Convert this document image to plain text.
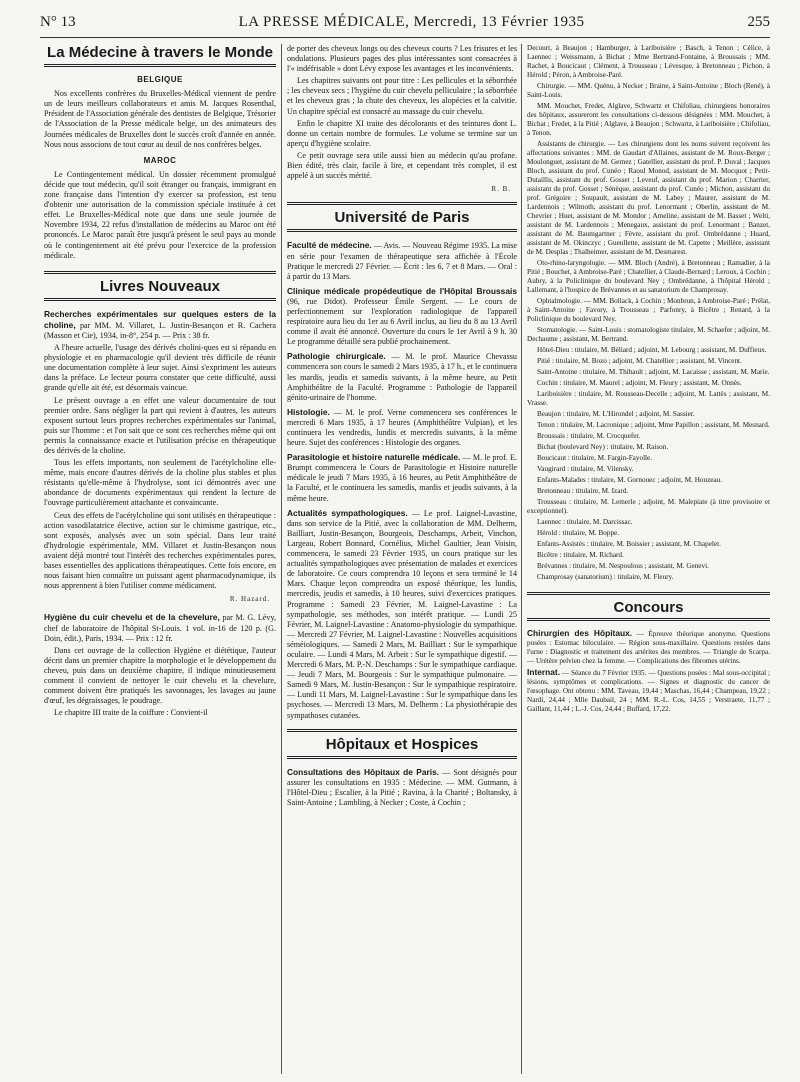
N° 13	LA PRESSE MÉDICALE, Mercredi, 13 Février 1935	255
La Médecine à travers le Monde
BELGIQUE

Nos excellents confrères du Bruxelles-Médical viennent de perdre un de leurs meilleurs collaborateurs et amis M. Jacques Rosenthal, Président de l'Association générale des dentistes de Belgique, Trésorier de l'Association de la Presse médicale belge, un des animateurs des Journées médicales de Bruxelles dont le succès croît d'année en année. Nous nous associons de tout cœur au deuil de nos confrères belges.

MAROC

Le Contingentement médical. Un dossier récemment promulgué décide que tout médecin, qu'il soit étranger ou français, immigrant en zone française dans l'intention d'y exercer sa profession, est tenu d'obtenir une autorisation de la commission spéciale instituée à cet effet. Le Bruxelles-Médical note que dans une seule journée de Novembre 1934, 22 refus d'installation de médecins au Maroc ont été prononcés. Le Maroc paraît être jusqu'à présent le seul pays au monde où le contingentement ait été prévu pour l'exercice de la profession médicale.

Livres Nouveaux

Recherches expérimentales sur quelques esters de la choline, par MM. M. Villaret, L. Justin-Besançon et R. Cachera (Masson et Cie), 1934, in-8°, 254 p. — Prix : 38 fr.

A l'heure actuelle, l'usage des dérivés cholini-ques est si répandu en physiologie et en pharmacologie qu'il devient très difficile de réunir une documentation complète à leur sujet. Ainsi s'expriment les auteurs dans la préface. Le lecteur pourra constater que cette difficulté, aussi grande qu'elle ait été, est désormais vaincue.

Le présent ouvrage a en effet une valeur documentaire de tout premier ordre. Sans négliger la part qui revient à d'autres, les auteurs exposent surtout leurs propres recherches expérimentales sur l'animal, puis sur l'homme : et l'on sait que ce sont ces recherches même qui ont permis la connaissance exacte et l'utilisation précise en thérapeutique des dérivés de la choline.

Tous les effets importants, non seulement de l'acétylcholine elle-même, mais encore d'autres dérivés de la choline plus stables et plus résistants qu'elle-même à l'hydrolyse, sont ici démontrés avec une abondance de documents expérimentaux qui rendent la lecture de l'ouvrage particulièrement attachante et convaincante.

Ceux des effets de l'acétylcholine qui sont utilisés en thérapeutique : action vasodilatatrice élective, action sur le chimisme gastrique, etc., sont exposés, analysés avec un soin spécial. Dans leur traité d'hydrologie expérimentale, MM. Villaret et Justin-Besançon nous avaient déjà montré tout l'intérêt des recherches expérimentales pures, bases essentielles des applications thérapeutiques. Cette fois encore, en nous faisant bien connaître un puissant agent pharmacodynamique, ils nous apprennent à bien l'utiliser comme médicament.

R. Hazard.

Hygiène du cuir chevelu et de la chevelure, par M. G. Lévy, chef de laboratoire de l'hôpital St-Louis. 1 vol. in-16 de 120 p. (G. Doin, édit.), Paris, 1934. — Prix : 12 fr.

Dans cet ouvrage de la collection Hygiène et diététique, l'auteur décrit dans un premier chapitre la morphologie et le développement du cheveu, puis dans un deuxième chapitre, il indique minutieusement comment il convient de nettoyer le cuir chevelu et la chevelure, comment doivent être pratiqués les savonnages, les lavages au jaune d'œuf, les dégraissages, le poudrage.

Le chapitre III traite de la coiffure : Convient-il

de porter des cheveux longs ou des cheveux courts ? Les frisures et les ondulations. Plusieurs pages des plus intéressantes sont consacrées à l'« indéfrisable » dont Lévy expose les avantages et les inconvénients.

Les chapitres suivants ont pour titre : Les pellicules et la séborrhée ; les cheveux secs ; l'hygiène du cuir chevelu pelliculaire ; la séborrhée et les cheveux gras ; la chute des cheveux, les alopécies et la calvitie. Un chapitre spécial est consacré au massage du cuir chevelu.

Enfin le chapitre XI traite des décolorants et des teintures dont L. donne un certain nombre de formules. Le volume se termine sur un aperçu d'hygiène scolaire.

Ce petit ouvrage sera utile aussi bien au médecin qu'au profane. Bien édité, très clair, facile à lire, et cependant très complet, il est appelé à un succès mérité.

R. B.
Université de Paris

Faculté de médecine. — Avis. — Nouveau Régime 1935. La mise en série pour l'examen de thérapeutique sera affichée à l'École Pratique le mercredi 27 Février. — Écrit : les 6, 7 et 8 Mars. — Oral : à partir du 13 Mars.

Clinique médicale propédeutique de l'Hôpital Broussais (96, rue Didot). Professeur Émile Sergent. — Le cours de perfectionnement sur l'exploration radiologique de l'appareil respiratoire aura lieu du 1er au 6 Avril inclus, au lieu du 8 au 13 Avril comme il avait été annoncé. Ouverture du cours le 1er Avril à 9 h. 30 Le programme détaillé sera publié prochainement.

Pathologie chirurgicale. — M. le prof. Maurice Chevassu commencera son cours le samedi 2 Mars 1935, à 17 h., et le continuera les mardis, jeudis et samedis suivants, à la même heure, au Petit Amphithéâtre de la Faculté. Programme : Pathologie de l'appareil génito-urinaire de l'homme.

Histologie. — M. le prof. Verne commencera ses conférences le mercredi 6 Mars 1935, à 17 heures (Amphithéâtre Vulpian), et les continuera les vendredis, lundis et mercredis suivants, à la même heure. Sujet des conférences : Histologie des organes.

Parasitologie et histoire naturelle médicale. — M. le prof. E. Brumpt commencera le Cours de Parasitologie et Histoire naturelle médicale le jeudi 7 Mars 1935, à 16 heures, au Petit Amphithéâtre de la Faculté, et le continuera les samedis, mardis et jeudis suivants, à la même heure.

Actualités sympathologiques. — Le prof. Laignel-Lavastine, dans son service de la Pitié, avec la collaboration de MM. Delherm, Bailliart, Justin-Besançon, Bourgeois, Deschamps, Arbeit, Vinchon, Largeau, Robert Bonnard, Cornélius, Michel Gaultier, Jean Voisin, commencera, le samedi 23 Février 1935, un cours pratique sur les actualités sympathologiques avec présentation de malades et exercices de laboratoire. Ce cours comprendra 10 leçons et sera terminé le 14 Mars. Chaque leçon comprendra un exposé théorique, les lundis, mercredis, jeudis et samedis, à 10 heures, suivi d'exercices pratiques. Programme : Samedi 23 Février, M. Laignel-Lavastine : La sympathologie, ses méthodes, son intérêt pratique. — Lundi 25 Février, M. Laignel-Lavastine : Anatomo-physiologie du sympathique. — Mercredi 27 Février, M. Laignel-Lavastine : Nouvelles acquisitions séméiologiques. — Samedi 2 Mars, M. Bailliart : Sur le sympathique oculaire. — Lundi 4 Mars, M. Arbeit : Sur le sympathique digestif. — Mercredi 6 Mars, M. P.-N. Deschamps : Sur le sympathique cardiaque. — Jeudi 7 Mars, M. Bourgeois : Sur le sympathique pulmonaire. — Samedi 9 Mars, M. Justin-Besançon : Sur le sympathique respiratoire. — Lundi 11 Mars, M. Laignel-Lavastine : Sur le sympathique dans les psychoses. — Mercredi 13 Mars, M. Delherm : La physiothérapie des sympathoses cutanées.

Hôpitaux et Hospices

Consultations des Hôpitaux de Paris. — Sont désignés pour assurer les consultations en 1935 : Médecine. — MM. Gutmann, à l'Hôtel-Dieu ; Escalier, à la Pitié ; Ravina, à la Charité ; Boltansky, à Saint-Antoine ; Lambling, à Necker ; Coste, à Cochin ;

Decourt, à Beaujon ; Hamburger, à Lariboisière ; Basch, à Tenon ; Célice, à Laennec ; Weissmann, à Bichat ; Mme Bertrand-Fontaine, à Broussais ; MM. Rachet, à Boucicaut ; Clément, à Trousseau ; Lévesque, à Bretonneau ; Pichon, à Hérold ; Péron, à Ambroise-Paré.

Chirurgie. — MM. Quénu, à Necker ; Braine, à Saint-Antoine ; Bloch (René), à Saint-Louis.

MM. Mouchet, Fredet, Alglave, Schwartz et Chifoliau, chirurgiens honoraires des hôpitaux, assureront les consultations ci-dessous désignées : MM. Mouchet, à Bichat ; Fredet, à la Pitié ; Alglave, à Beaujon ; Schwartz, à Lariboisière ; Chifoliau, à Tenon.

Assistants de chirurgie. — Les chirurgiens dont les noms suivent reçoivent les affectations suivantes : MM. de Gaudart d'Allaines, assistant de M. Roux-Berger ; Moulonguet, assistant de M. Gernez ; Gatellier, assistant du prof. P. Duval ; Jacques Bloch, assistant du prof. Cunéo ; Raoul Monod, assistant de M. Mocquot ; Petit-Dutaillis, assistant du prof. Gosset ; Leveuf, assistant du prof. Marion ; Charrier, assistant du prof. Gosset ; Sénèque, assistant du prof. Cunéo ; Michon, assistant du prof. Grégoire ; Soupault, assistant de M. Labey ; Maurer, assistant de M. Lardennois ; Wilmoth, assistant du prof. Lenormant ; Oberlin, assistant de M. Chevrier ; Huet, assistant de M. Mondor ; Ameline, assistant de M. Basset ; Welti, assistant de M. Lardennois ; Menegaux, assistant du prof. Lenormant ; Banzet, assistant de M. Baumgartner ; Fèvre, assistant du prof. Ombrédanne ; Huard, assistant de M. Okinczyc ; Gueullette, assistant de M. Capette ; Meillère, assistant de M. Desplas ; Thalheimer, assistant de M. Desmarest.

Oto-rhino-laryngologie. — MM. Bloch (André), à Bretonneau ; Ramadier, à la Pitié ; Bouchet, à Ambroise-Paré ; Chatellier, à Claude-Bernard ; Leroux, à Cochin ; Aubry, à la Policlinique du boulevard Ney ; Ombrédanne, à l'hôpital Hérold ; Lallemant, à l'hospice de Brévannes et au sanatorium de Champrosay.

Ophtalmologie. — MM. Bollack, à Cochin ; Monbrun, à Ambroise-Paré ; Prélat, à Saint-Antoine ; Favory, à Trousseau ; Parfonry, à Bicêtre ; Renard, à la Policlinique du boulevard Ney.

Stomatologie. — Saint-Louis : stomatologiste titulaire, M. Schaefer ; adjoint, M. Dechaume ; assistant, M. Bertrand.

Hôtel-Dieu : titulaire, M. Béliard ; adjoint, M. Lebourg ; assistant, M. Duffieux.

Pitié : titulaire, M. Bozo ; adjoint, M. Chatellier ; assistant, M. Vincent.

Saint-Antoine : titulaire, M. Thibault ; adjoint, M. Lacaisse ; assistant, M. Marie.

Cochin : titulaire, M. Maurel ; adjoint, M. Fleury ; assistant, M. Onnès.

Lariboisière : titulaire, M. Rousseau-Decelle ; adjoint, M. Lattès ; assistant, M. Vrasse.

Beaujon : titulaire, M. L'Hirondel ; adjoint, M. Sassier.

Tenon : titulaire, M. Lacronique ; adjoint, Mme Papillon ; assistant, M. Mesnard.

Broussais : titulaire, M. Crocquefer.

Bichat (boulevard Ney) : titulaire, M. Raison.

Boucicaut : titulaire, M. Fargin-Fayolle.

Vaugirard : titulaire, M. Vilensky.

Enfants-Malades : titulaire, M. Gornouec ; adjoint, M. Houzeau.

Bretonneau : titulaire, M. Izard.

Trousseau : titulaire, M. Lemerle ; adjoint, M. Malepiate (à titre provisoire et exceptionnel).

Laennec : titulaire, M. Darcissac.

Hérold : titulaire, M. Boppe.

Enfants-Assistés : titulaire, M. Boissier ; assistant, M. Chapelet.

Bicêtre : titulaire, M. Richard.

Brévannes : titulaire, M. Nespoulous ; assistant, M. Genevi.

Champrosay (sanatorium) : titulaire, M. Fleury.

Concours

Chirurgien des Hôpitaux. — Épreuve théorique anonyme. Questions posées : Estomac biloculaire. — Région sous-maxillaire. Questions restées dans l'urne : Diagnostic et traitement des artérites des membres. — Triangle de Scarpa. — Urétère pelvien chez la femme. — Complications des fibromes utérins.

Internat. — Séance du 7 Février 1935. — Questions posées : Mal sous-occipital ; lésions, symptômes et complications. — Signes et diagnostic du cancer de l'œsophage. Ont obtenu : MM. Taveau, 19,44 ; Maschas, 16,44 ; Champeau, 19,22 ; Nardi, 24,44 ; Mlle Daubail, 24 ; MM. R.-L. Cos, 14,55 ; Verstraete, 11,77 ; Gaillant, 11,44 ; L.-J. Cos, 24,44 ; Buffard, 17,22.
